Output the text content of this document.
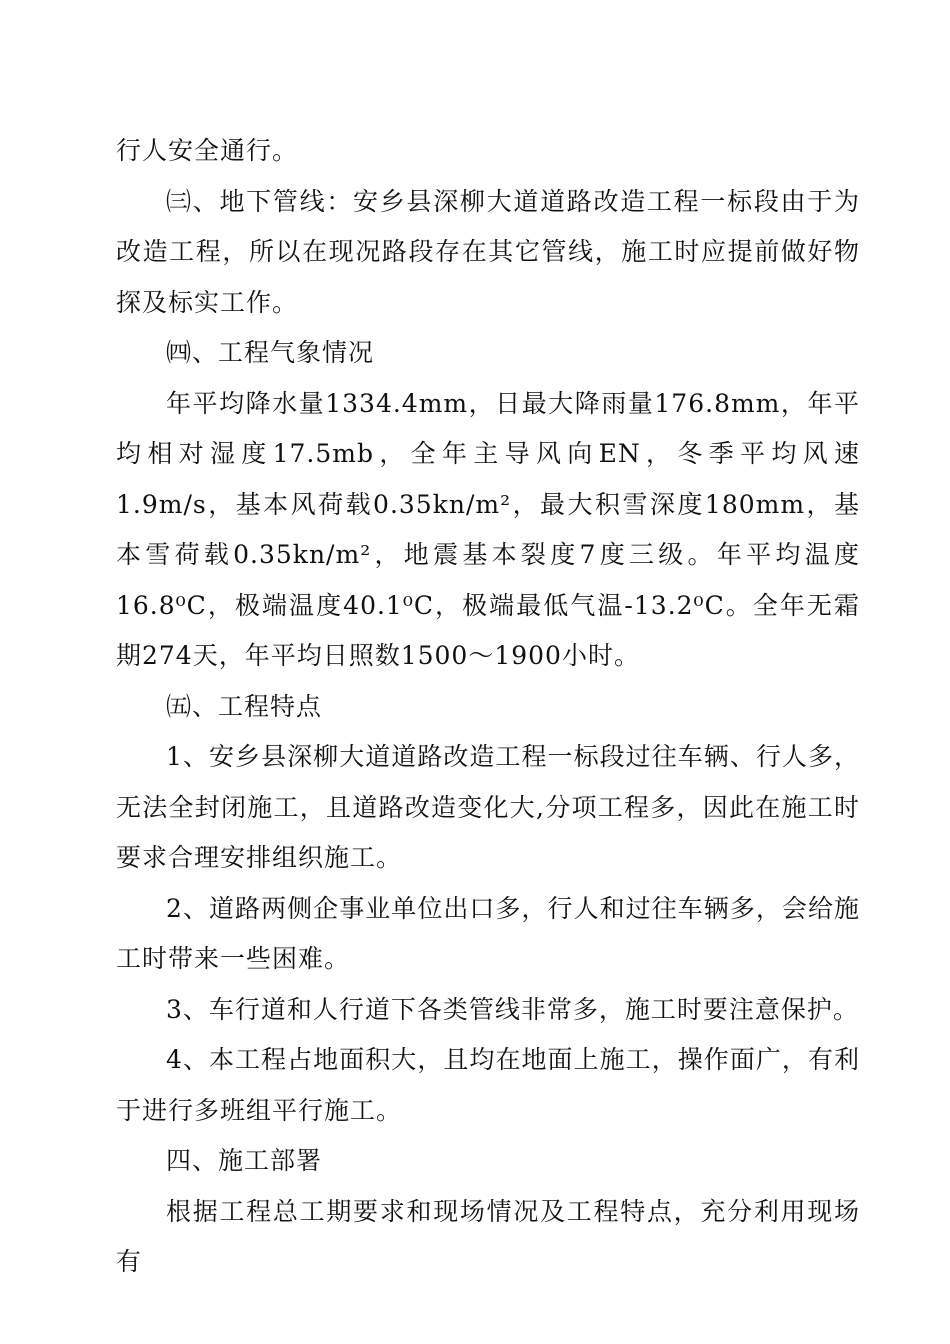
行人安全通行。

㈢、地下管线：安乡县深柳大道道路改造工程一标段由于为改造工程，所以在现况路段存在其它管线，施工时应提前做好物探及标实工作。

㈣、工程气象情况

年平均降水量1334.4mm，日最大降雨量176.8mm，年平均相对湿度17.5mb，全年主导风向EN，冬季平均风速1.9m/s，基本风荷载0.35kn/m²，最大积雪深度180mm，基本雪荷载0.35kn/m²，地震基本裂度7度三级。年平均温度16.8⁰C，极端温度40.1⁰C，极端最低气温-13.2⁰C。全年无霜期274天，年平均日照数1500～1900小时。

㈤、工程特点

1、安乡县深柳大道道路改造工程一标段过往车辆、行人多，无法全封闭施工，且道路改造变化大,分项工程多，因此在施工时要求合理安排组织施工。

2、道路两侧企事业单位出口多，行人和过往车辆多，会给施工时带来一些困难。

3、车行道和人行道下各类管线非常多，施工时要注意保护。

4、本工程占地面积大，且均在地面上施工，操作面广，有利于进行多班组平行施工。

四、施工部署

根据工程总工期要求和现场情况及工程特点，充分利用现场有
